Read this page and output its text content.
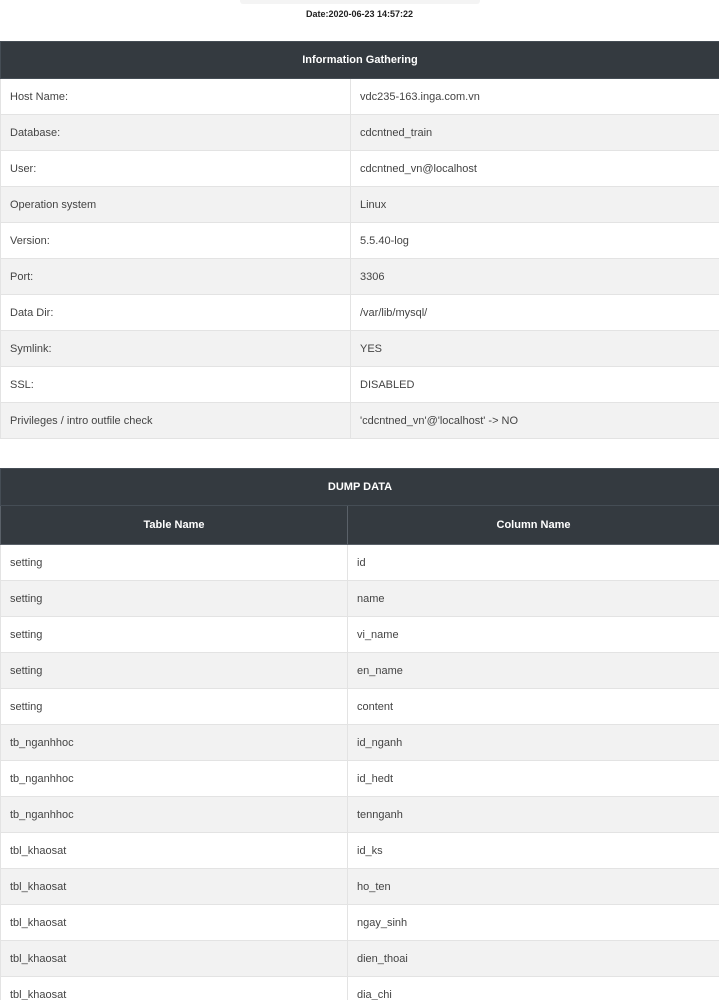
Date:2020-06-23 14:57:22
Information Gathering	
Host Name:	vdc235-163.inga.com.vn
Database:	cdcntned_train
User:	cdcntned_vn@localhost
Operation system	Linux
Version:	5.5.40-log
Port:	3306
Data Dir:	/var/lib/mysql/
Symlink:	YES
SSL:	DISABLED
Privileges / intro outfile check	'cdcntned_vn'@'localhost' -> NO
DUMP DATA	
Table Name	Column Name
setting	id
setting	name
setting	vi_name
setting	en_name
setting	content
tb_nganhhoc	id_nganh
tb_nganhhoc	id_hedt
tb_nganhhoc	tennganh
tbl_khaosat	id_ks
tbl_khaosat	ho_ten
tbl_khaosat	ngay_sinh
tbl_khaosat	dien_thoai
tbl_khaosat	dia_chi
